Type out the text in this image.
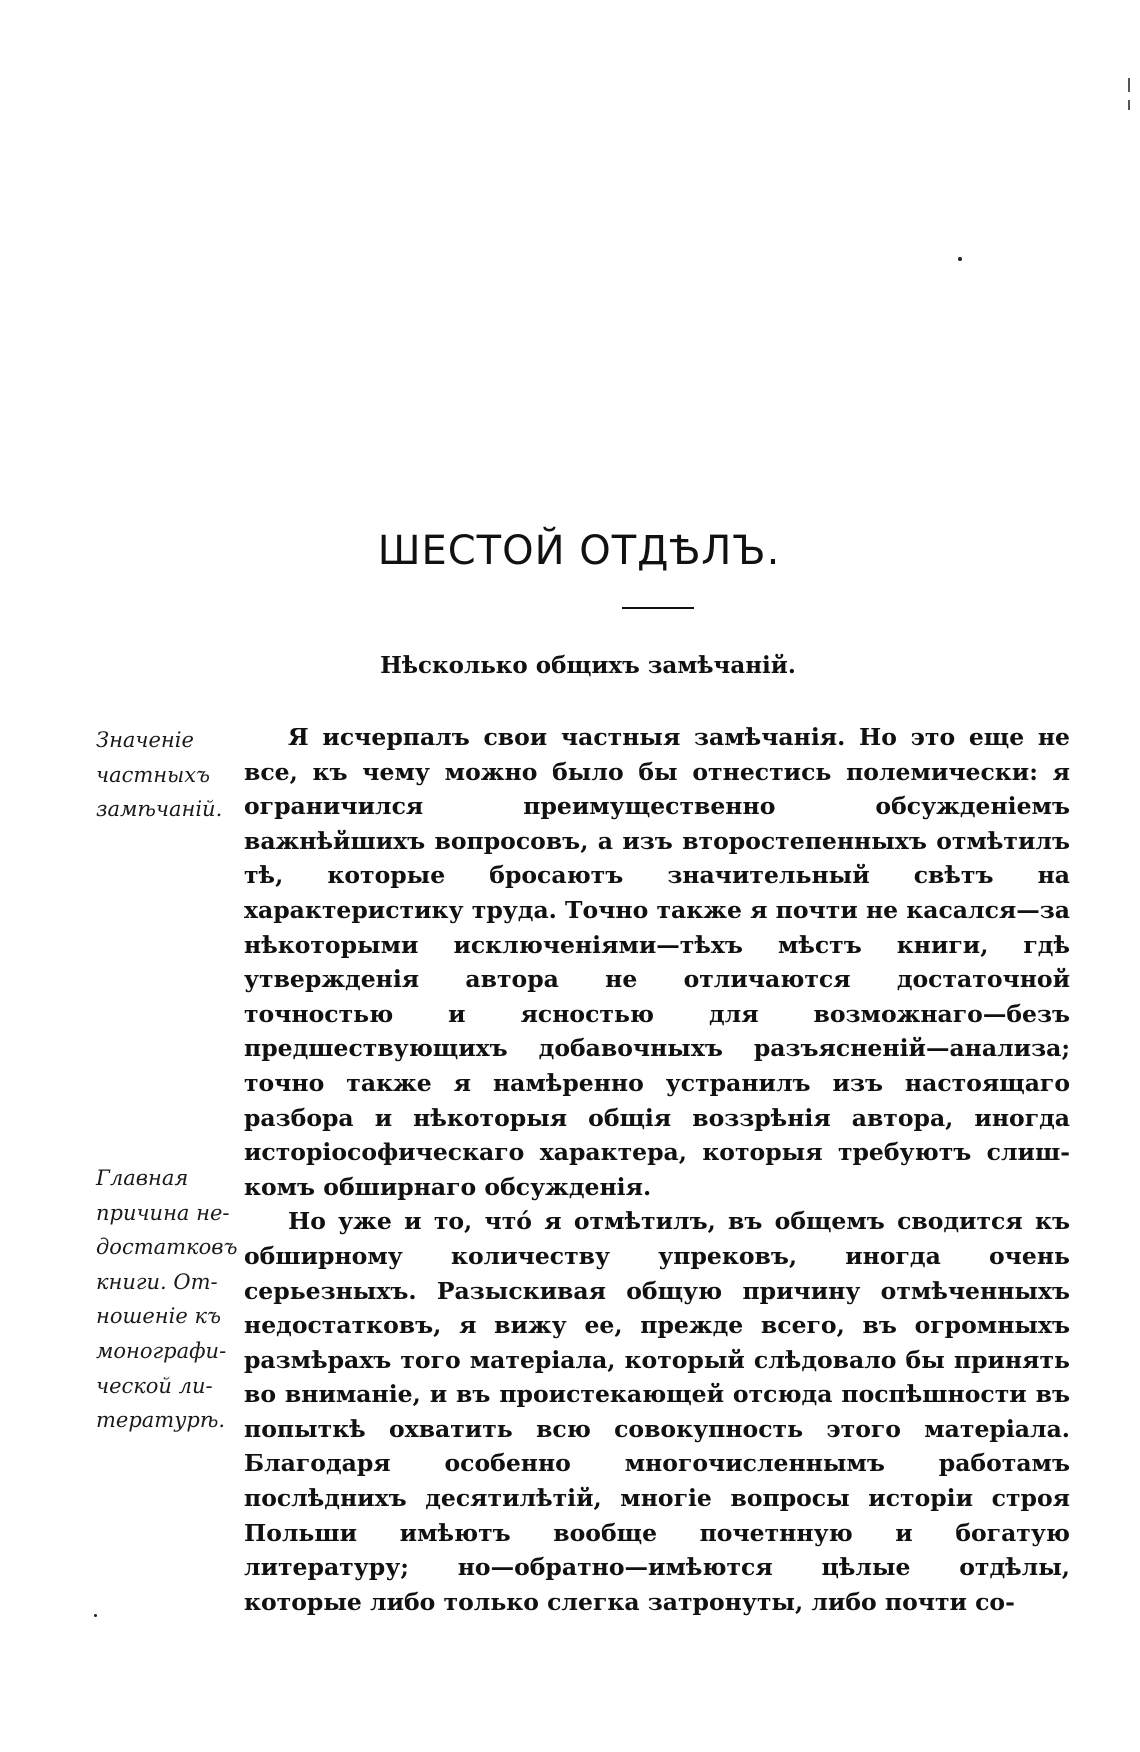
ШЕСТОЙ ОТДѢЛЪ.
Нѣсколько общихъ замѣчаній.
Значеніе
частныхъ
замѣчаній.
Главная
причина не-
достатковъ
книги. От-
ношеніе къ
монографи-
ческой ли-
тературѣ.

Я исчерпалъ свои частныя замѣчанія. Но это еще не все, къ чему можно было бы отнестись полемически: я ограничился преимущественно обсужденіемъ важнѣйшихъ вопросовъ, а изъ второстепенныхъ отмѣтилъ тѣ, которые бросаютъ значительный свѣтъ на характеристику труда. Точно также я почти не касался—за нѣкоторыми исключеніями—тѣхъ мѣстъ книги, гдѣ утвержденія автора не отличаются достаточной точностью и ясностью для возможнаго—безъ предшествующихъ добавочныхъ разъясненій—анализа; точно также я намѣренно устранилъ изъ настоящаго разбора и нѣкоторыя общія воззрѣнія автора, иногда исторіософическаго характера, которыя требуютъ слишкомъ обширнаго обсужденія.

Но уже и то, что́ я отмѣтилъ, въ общемъ сводится къ обширному количеству упрековъ, иногда очень серьезныхъ. Разыскивая общую причину отмѣченныхъ недостатковъ, я вижу ее, прежде всего, въ огромныхъ размѣрахъ того матеріала, который слѣдовало бы принять во вниманіе, и въ проистекающей отсюда поспѣшности въ попыткѣ охватить всю совокупность этого матеріала. Благодаря особенно многочисленнымъ работамъ послѣднихъ десятилѣтій, многіе вопросы исторіи строя Польши имѣютъ вообще почетнную и богатую литературу; но—обратно—имѣются цѣлые отдѣлы, которые либо только слегка затронуты, либо почти со-
